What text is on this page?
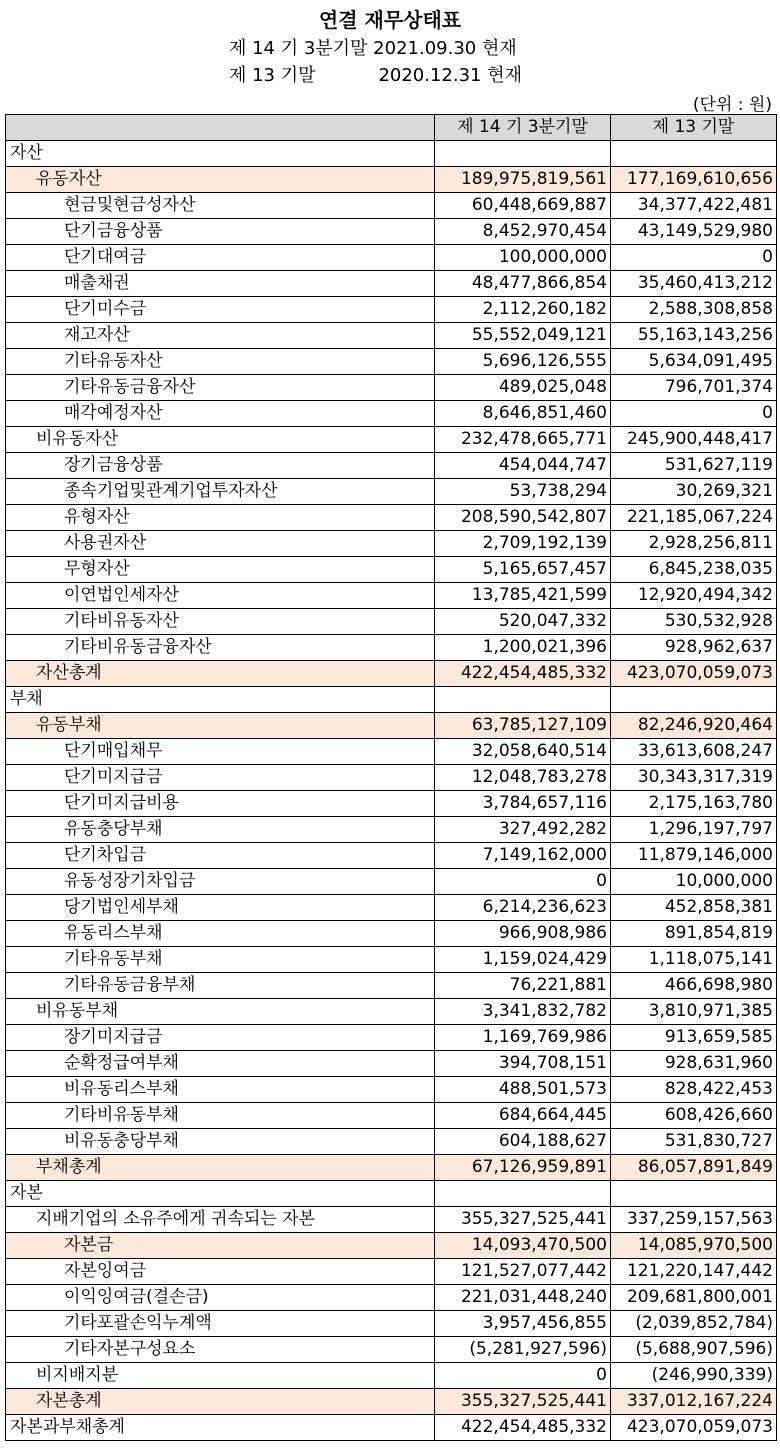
연결 재무상태표
제 14 기 3분기말 2021.09.30 현재
제 13 기말           2020.12.31 현재
(단위 : 원)
	제 14 기 3분기말	제 13 기말
자산		
유동자산	189,975,819,561	177,169,610,656
현금및현금성자산	60,448,669,887	34,377,422,481
단기금융상품	8,452,970,454	43,149,529,980
단기대여금	100,000,000	0
매출채권	48,477,866,854	35,460,413,212
단기미수금	2,112,260,182	2,588,308,858
재고자산	55,552,049,121	55,163,143,256
기타유동자산	5,696,126,555	5,634,091,495
기타유동금융자산	489,025,048	796,701,374
매각예정자산	8,646,851,460	0
비유동자산	232,478,665,771	245,900,448,417
장기금융상품	454,044,747	531,627,119
종속기업및관계기업투자자산	53,738,294	30,269,321
유형자산	208,590,542,807	221,185,067,224
사용권자산	2,709,192,139	2,928,256,811
무형자산	5,165,657,457	6,845,238,035
이연법인세자산	13,785,421,599	12,920,494,342
기타비유동자산	520,047,332	530,532,928
기타비유동금융자산	1,200,021,396	928,962,637
자산총계	422,454,485,332	423,070,059,073
부채		
유동부채	63,785,127,109	82,246,920,464
단기매입채무	32,058,640,514	33,613,608,247
단기미지급금	12,048,783,278	30,343,317,319
단기미지급비용	3,784,657,116	2,175,163,780
유동충당부채	327,492,282	1,296,197,797
단기차입금	7,149,162,000	11,879,146,000
유동성장기차입금	0	10,000,000
당기법인세부채	6,214,236,623	452,858,381
유동리스부채	966,908,986	891,854,819
기타유동부채	1,159,024,429	1,118,075,141
기타유동금융부채	76,221,881	466,698,980
비유동부채	3,341,832,782	3,810,971,385
장기미지급금	1,169,769,986	913,659,585
순확정급여부채	394,708,151	928,631,960
비유동리스부채	488,501,573	828,422,453
기타비유동부채	684,664,445	608,426,660
비유동충당부채	604,188,627	531,830,727
부채총계	67,126,959,891	86,057,891,849
자본		
지배기업의 소유주에게 귀속되는 자본	355,327,525,441	337,259,157,563
자본금	14,093,470,500	14,085,970,500
자본잉여금	121,527,077,442	121,220,147,442
이익잉여금(결손금)	221,031,448,240	209,681,800,001
기타포괄손익누계액	3,957,456,855	(2,039,852,784)
기타자본구성요소	(5,281,927,596)	(5,688,907,596)
비지배지분	0	(246,990,339)
자본총계	355,327,525,441	337,012,167,224
자본과부채총계	422,454,485,332	423,070,059,073
